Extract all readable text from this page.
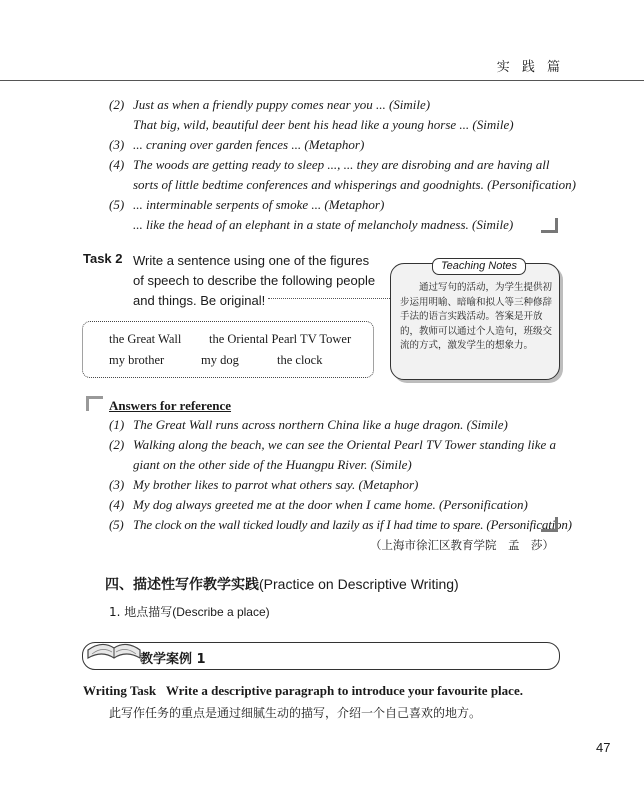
实 践 篇
(2) Just as when a friendly puppy comes near you ... (Simile)
That big, wild, beautiful deer bent his head like a young horse ... (Simile)
(3) ... craning over garden fences ... (Metaphor)
(4) The woods are getting ready to sleep ..., ... they are disrobing and are having all
sorts of little bedtime conferences and whisperings and goodnights. (Personification)
(5) ... interminable serpents of smoke ... (Metaphor)
... like the head of an elephant in a state of melancholy madness. (Simile)
Task 2 Write a sentence using one of the figures of speech to describe the following people and things. Be original!
Teaching Notes
通过写句的活动，为学生提供初步运用明喻、暗喻和拟人等三种修辞手法的语言实践活动。答案是开放的，教师可以通过个人造句，班级交流的方式，激发学生的想象力。
the Great Wall the Oriental Pearl TV Tower
my brother	my dog	the clock
Answers for reference
(1) The Great Wall runs across northern China like a huge dragon. (Simile)
(2) Walking along the beach, we can see the Oriental Pearl TV Tower standing like a
giant on the other side of the Huangpu River. (Simile)
(3) My brother likes to parrot what others say. (Metaphor)
(4) My dog always greeted me at the door when I came home. (Personification)
(5) The clock on the wall ticked loudly and lazily as if I had time to spare. (Personification)
（上海市徐汇区教育学院　孟　莎）
四、描述性写作教学实践(Practice on Descriptive Writing)
1. 地点描写(Describe a place)
教学案例 1
Writing Task Write a descriptive paragraph to introduce your favourite place.
此写作任务的重点是通过细腻生动的描写，介绍一个自己喜欢的地方。
47
